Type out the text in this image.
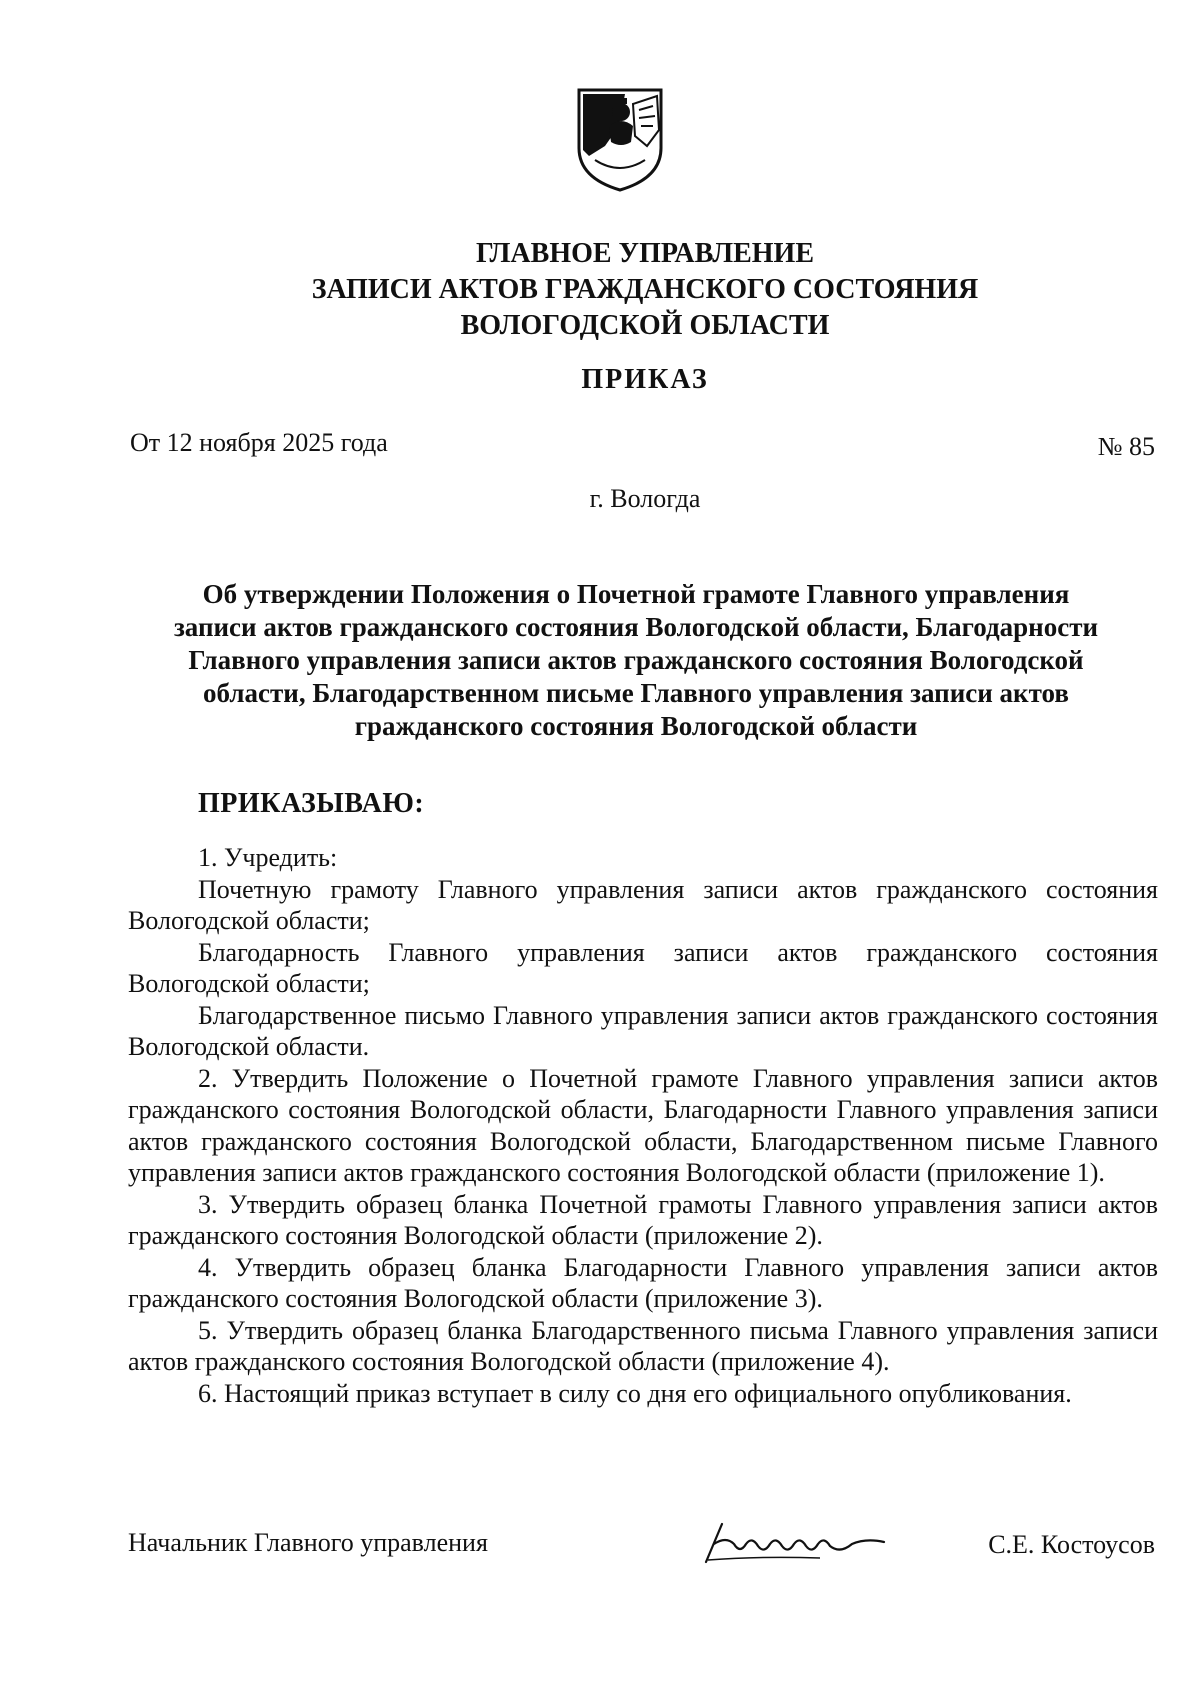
ГЛАВНОЕ УПРАВЛЕНИЕ
ЗАПИСИ АКТОВ ГРАЖДАНСКОГО СОСТОЯНИЯ
ВОЛОГОДСКОЙ ОБЛАСТИ
ПРИКАЗ
От 12 ноября 2025 года	№ 85
г. Вологда
Об утверждении Положения о Почетной грамоте Главного управления
записи актов гражданского состояния Вологодской области, Благодарности
Главного управления записи актов гражданского состояния Вологодской
области, Благодарственном письме Главного управления записи актов
гражданского состояния Вологодской области
ПРИКАЗЫВАЮ:

1. Учредить:

Почетную грамоту Главного управления записи актов гражданского состояния Вологодской области;

Благодарность Главного управления записи актов гражданского состояния Вологодской области;

Благодарственное письмо Главного управления записи актов гражданского состояния Вологодской области.

2. Утвердить Положение о Почетной грамоте Главного управления записи актов гражданского состояния Вологодской области, Благодарности Главного управления записи актов гражданского состояния Вологодской области, Благодарственном письме Главного управления записи актов гражданского состояния Вологодской области (приложение 1).

3. Утвердить образец бланка Почетной грамоты Главного управления записи актов гражданского состояния Вологодской области (приложение 2).

4. Утвердить образец бланка Благодарности Главного управления записи актов гражданского состояния Вологодской области (приложение 3).

5. Утвердить образец бланка Благодарственного письма Главного управления записи актов гражданского состояния Вологодской области (приложение 4).

6. Настоящий приказ вступает в силу со дня его официального опубликования.

Начальник Главного управления	С.Е. Костоусов
